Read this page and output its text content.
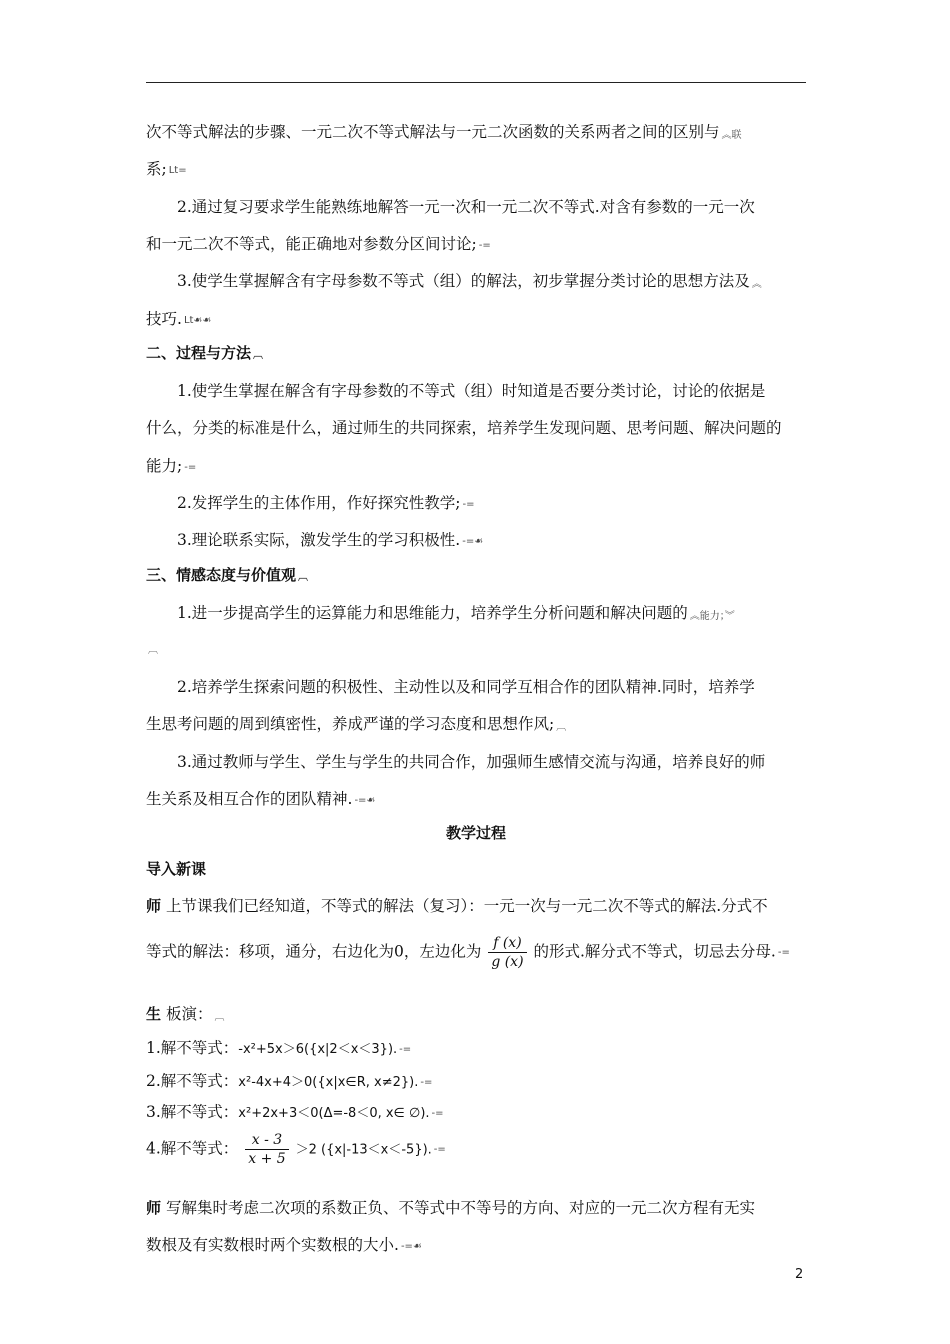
次不等式解法的步骤、一元二次不等式解法与一元二次函数的关系两者之间的区别与 ︽联
系; Lt=
2.通过复习要求学生能熟练地解答一元一次和一元二次不等式.对含有参数的一元一次
和一元二次不等式，能正确地对参数分区间讨论; -=
3.使学生掌握解含有字母参数不等式（组）的解法，初步掌握分类讨论的思想方法及 ︽
技巧. Lt☙☙
二、过程与方法 ︹
1.使学生掌握在解含有字母参数的不等式（组）时知道是否要分类讨论，讨论的依据是
什么，分类的标准是什么，通过师生的共同探索，培养学生发现问题、思考问题、解决问题的
能力; -=
2.发挥学生的主体作用，作好探究性教学; -=
3.理论联系实际，激发学生的学习积极性. -=☙
三、情感态度与价值观 ︹
1.进一步提高学生的运算能力和思维能力，培养学生分析问题和解决问题的 ︽能力；︾
︹
2.培养学生探索问题的积极性、主动性以及和同学互相合作的团队精神.同时，培养学
生思考问题的周到缜密性，养成严谨的学习态度和思想作风; ︹
3.通过教师与学生、学生与学生的共同合作，加强师生感情交流与沟通，培养良好的师
生关系及相互合作的团队精神. -=☙
教学过程
导入新课
师 上节课我们已经知道，不等式的解法（复习）：一元一次与一元二次不等式的解法.分式不
等式的解法：移项，通分，右边化为0，左边化为 $\frac{f (x)}{g (x)}$ 的形式.解分式不等式，切忌去分母. -=
生 板演： ︹
1.解不等式：-x²+5x＞6({x|2＜x＜3}). -=
2.解不等式：x²-4x+4＞0({x|x∈R, x≠2}). -=
3.解不等式：x²+2x+3＜0(Δ=-8＜0, x∈ ∅). -=
4.解不等式： $\frac{x - 3}{x + 5} >2$ ({x|-13＜x＜-5}). -=
师 写解集时考虑二次项的系数正负、不等式中不等号的方向、对应的一元二次方程有无实
数根及有实数根时两个实数根的大小. -=☙
2
